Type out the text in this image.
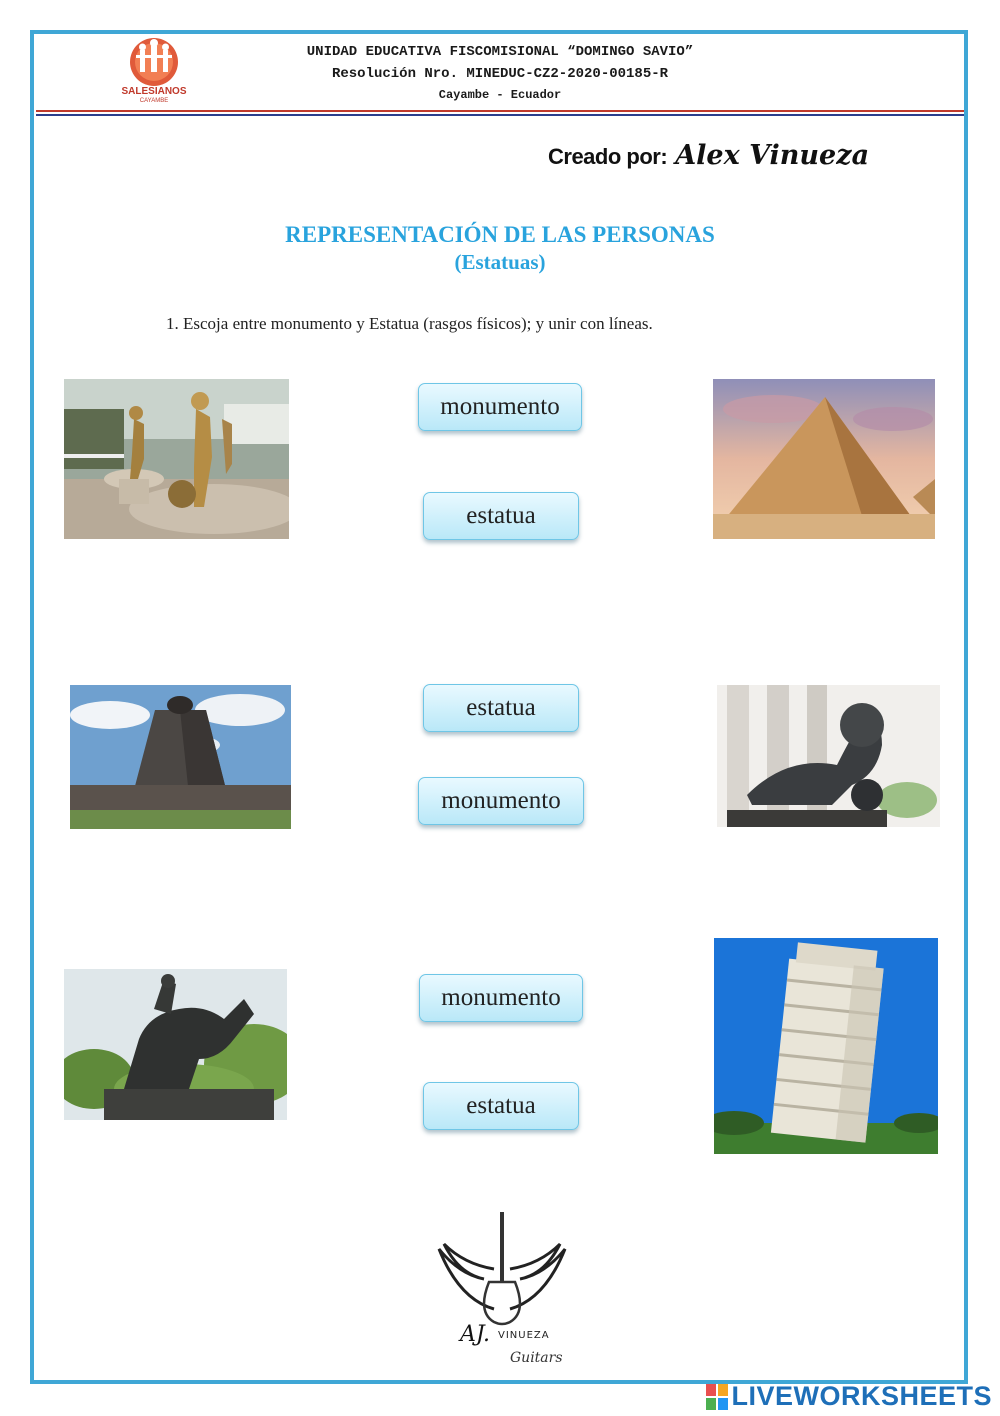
SALESIANOS
CAYAMBE
UNIDAD EDUCATIVA FISCOMISIONAL “DOMINGO SAVIO”
Resolución Nro. MINEDUC-CZ2-2020-00185-R
Cayambe - Ecuador
Creado por: Alex Vinueza
REPRESENTACIÓN DE LAS PERSONAS
(Estatuas)
1. Escoja entre monumento y Estatua (rasgos físicos); y unir con líneas.
monumento
estatua
estatua
monumento
monumento
estatua
AJ. VINUEZA
Guitars
LIVEWORKSHEETS
